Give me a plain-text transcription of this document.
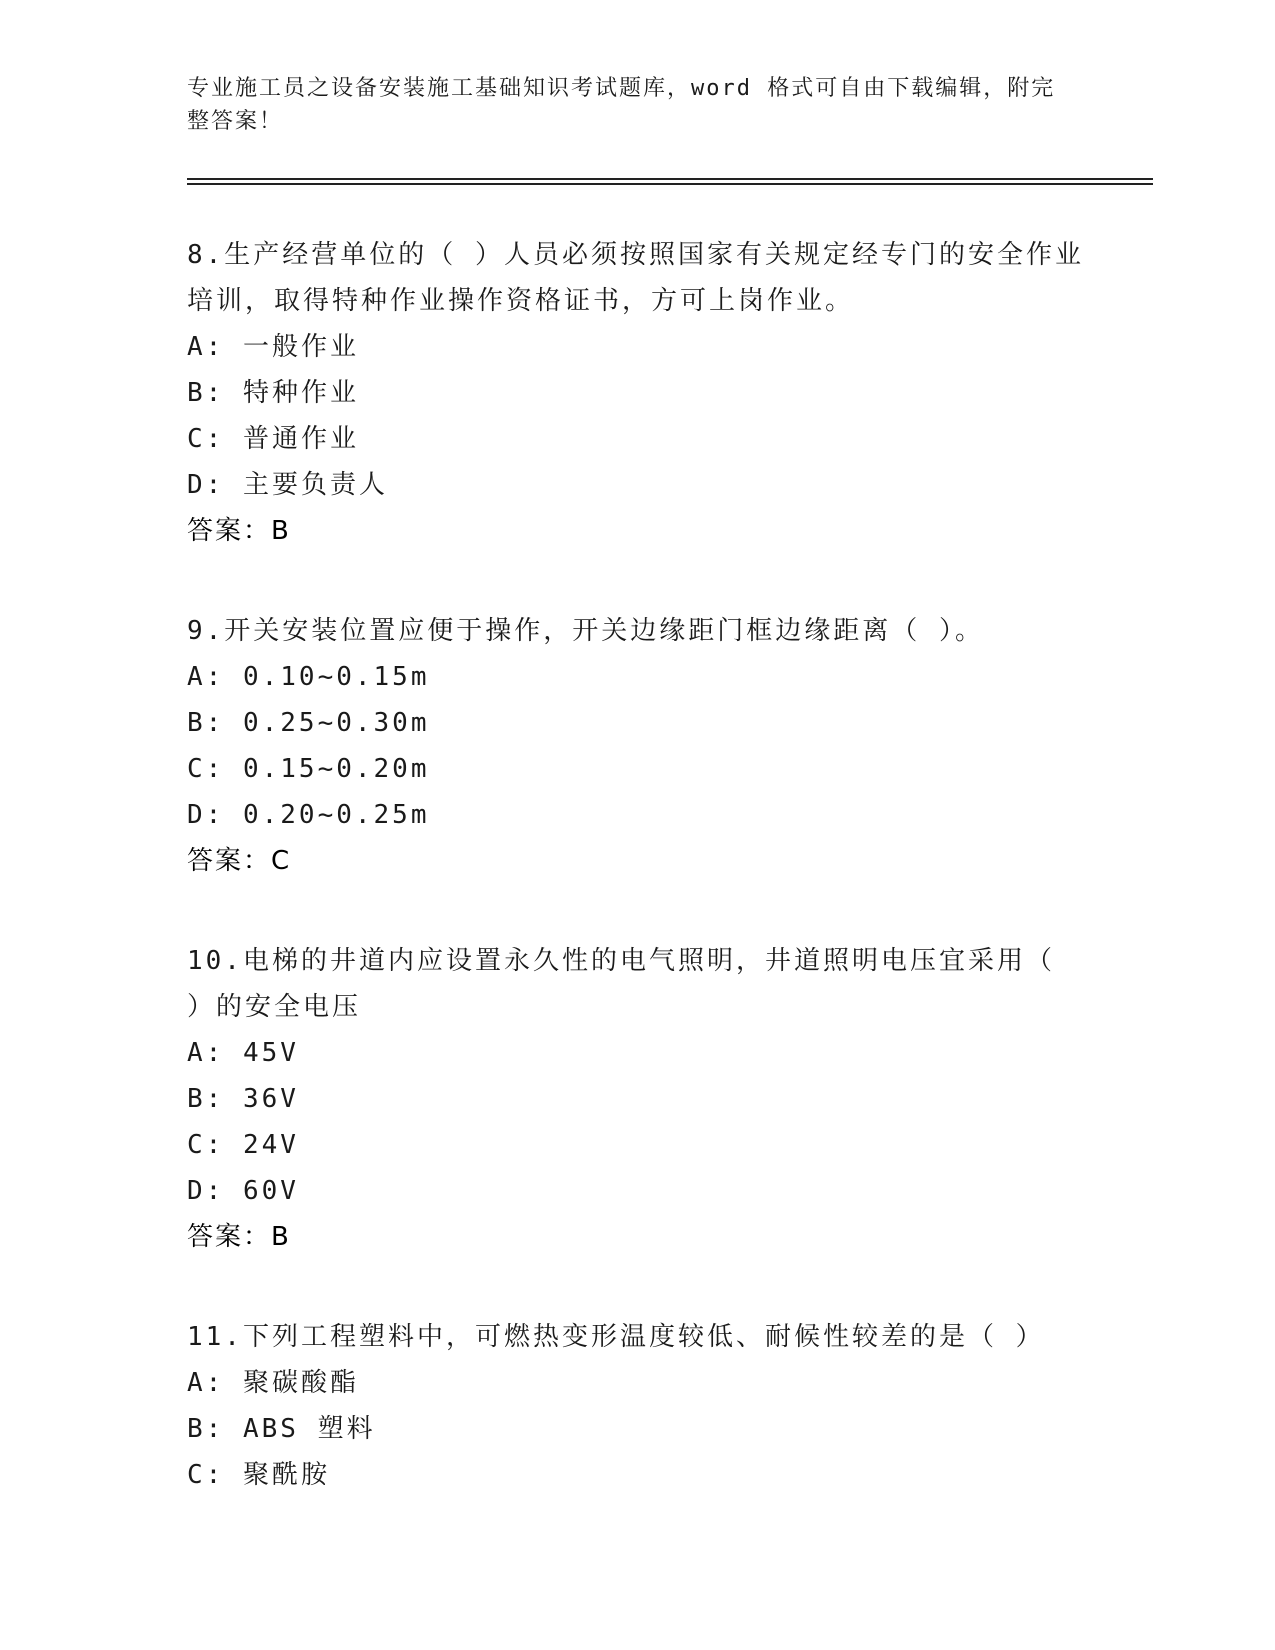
专业施工员之设备安装施工基础知识考试题库，word 格式可自由下载编辑，附完整答案！
8.生产经营单位的（ ）人员必须按照国家有关规定经专门的安全作业培训，取得特种作业操作资格证书，方可上岗作业。
A: 一般作业
B: 特种作业
C: 普通作业
D: 主要负责人
答案：B
9.开关安装位置应便于操作，开关边缘距门框边缘距离（ ）。
A: 0.10~0.15m
B: 0.25~0.30m
C: 0.15~0.20m
D: 0.20~0.25m
答案：C
10.电梯的井道内应设置永久性的电气照明，井道照明电压宜采用（ ）的安全电压
A: 45V
B: 36V
C: 24V
D: 60V
答案：B
11.下列工程塑料中，可燃热变形温度较低、耐候性较差的是（ ）
A: 聚碳酸酯
B: ABS 塑料
C: 聚酰胺
